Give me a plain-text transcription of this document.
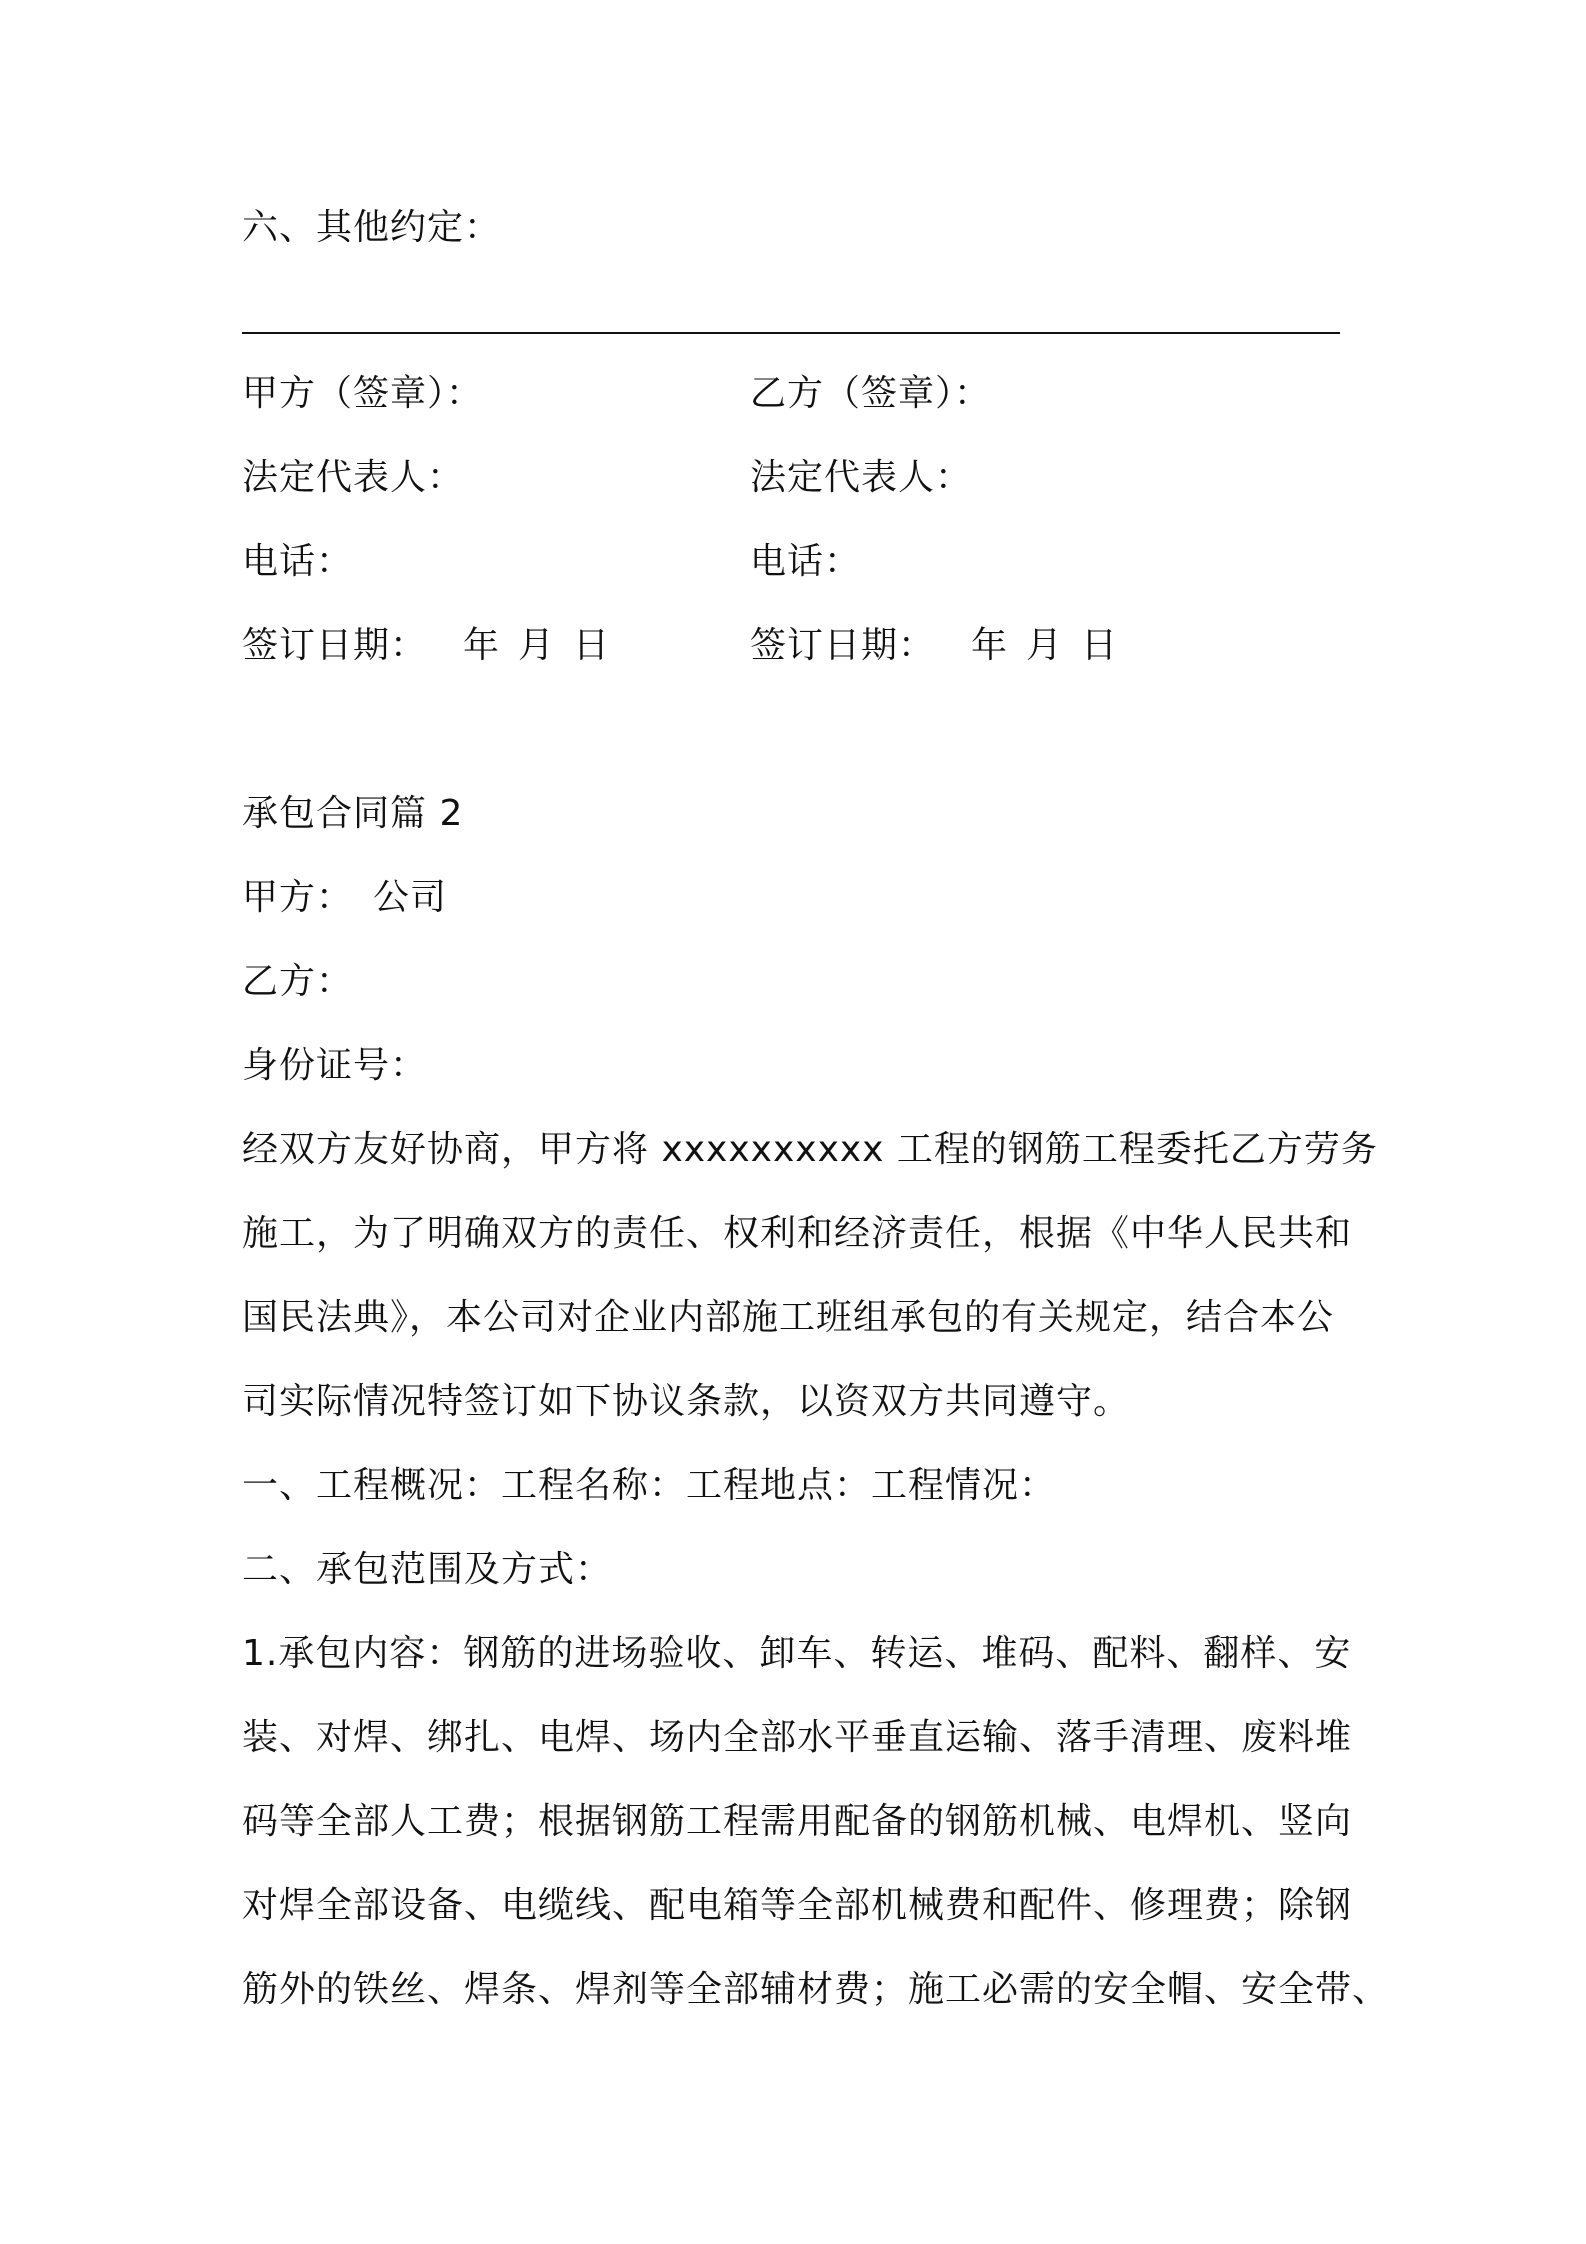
六、其他约定：
甲方（签章）：	乙方（签章）：
法定代表人：	法定代表人：
电话：	电话：
签订日期： 年 月 日	签订日期： 年 月 日
承包合同篇 2
甲方： 公司
乙方：
身份证号：
经双方友好协商，甲方将 xxxxxxxxxx 工程的钢筋工程委托乙方劳务
施工，为了明确双方的责任、权利和经济责任，根据《中华人民共和
国民法典》，本公司对企业内部施工班组承包的有关规定，结合本公
司实际情况特签订如下协议条款，以资双方共同遵守。
一、工程概况：工程名称：工程地点：工程情况：
二、承包范围及方式：
1.承包内容：钢筋的进场验收、卸车、转运、堆码、配料、翻样、安
装、对焊、绑扎、电焊、场内全部水平垂直运输、落手清理、废料堆
码等全部人工费；根据钢筋工程需用配备的钢筋机械、电焊机、竖向
对焊全部设备、电缆线、配电箱等全部机械费和配件、修理费；除钢
筋外的铁丝、焊条、焊剂等全部辅材费；施工必需的安全帽、安全带、
